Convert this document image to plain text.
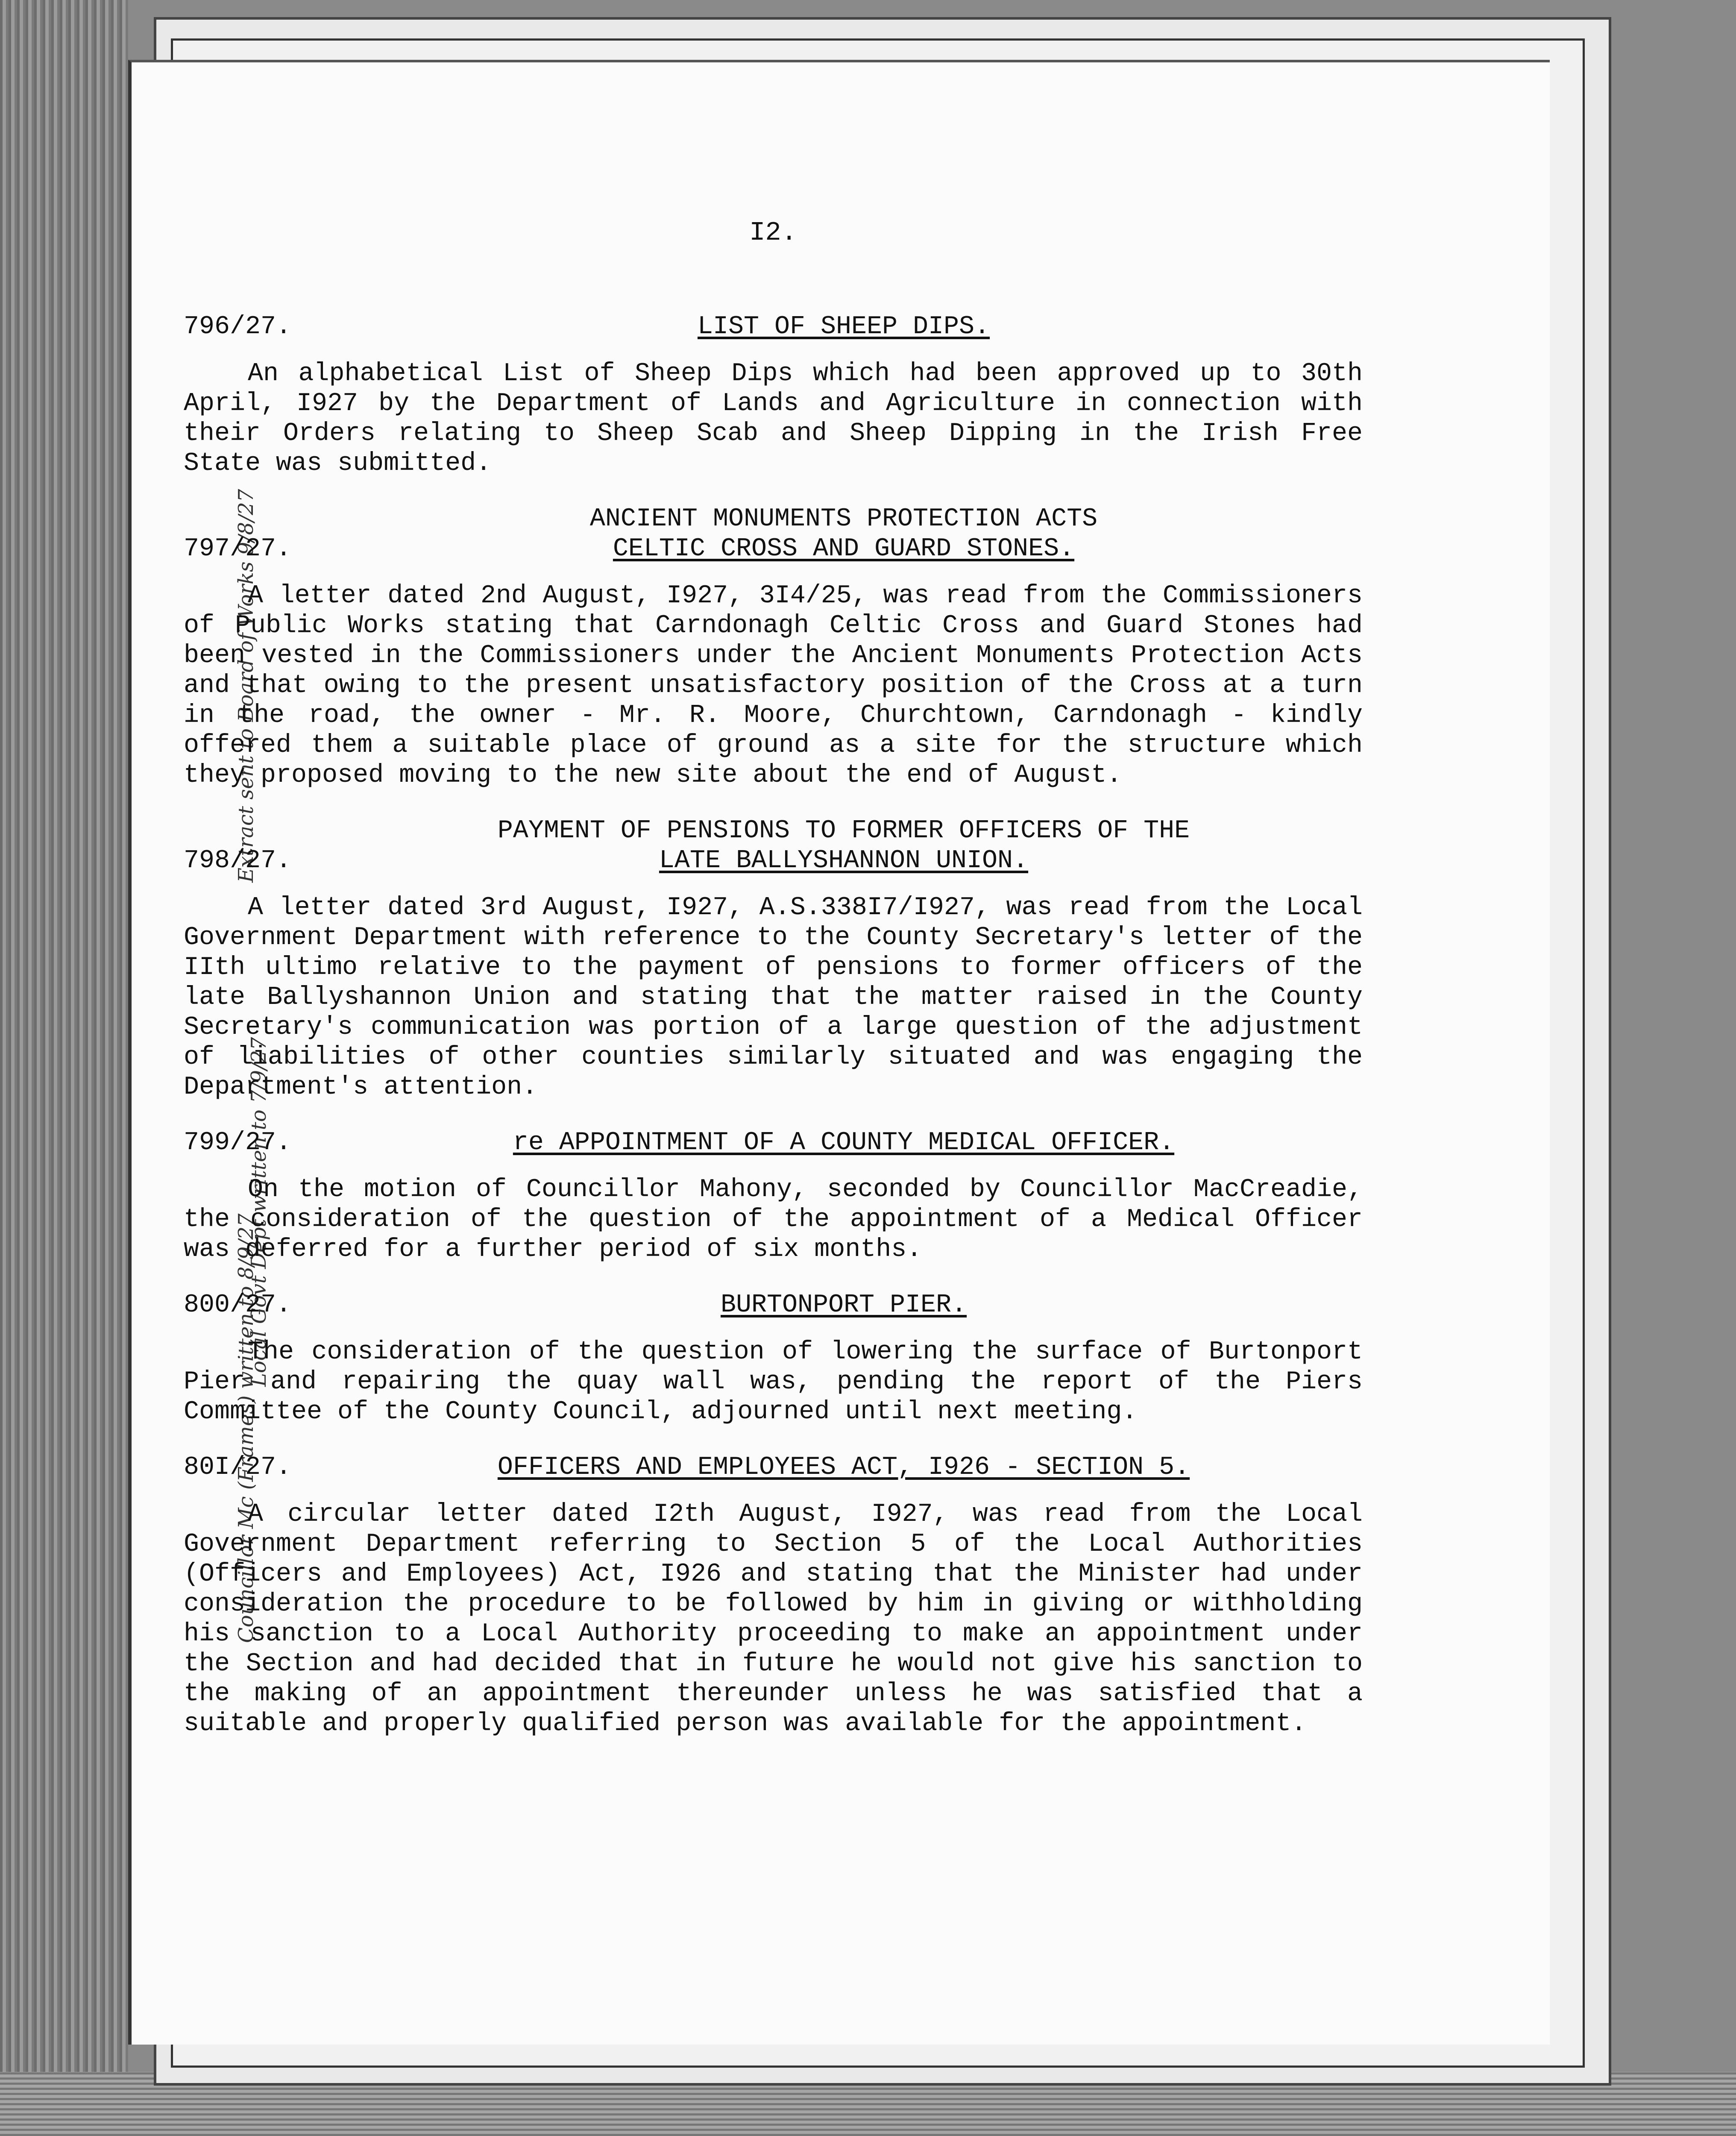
Extract sent to Board of Works 9/8/27
Local Govt Dept written to 7/9/27
Councillor Mc (Frames) written to 8/9/27
I2.
796/27.	LIST OF SHEEP DIPS.

An alphabetical List of Sheep Dips which had been approved up to 30th April, I927 by the Department of Lands and Agriculture in connection with their Orders relating to Sheep Scab and Sheep Dipping in the Irish Free State was submitted.

797/27.
ANCIENT MONUMENTS PROTECTION ACTS
CELTIC CROSS AND GUARD STONES.

A letter dated 2nd August, I927, 3I4/25, was read from the Commissioners of Public Works stating that Carndonagh Celtic Cross and Guard Stones had been vested in the Commissioners under the Ancient Monuments Protection Acts and that owing to the present unsatisfactory position of the Cross at a turn in the road, the owner - Mr. R. Moore, Churchtown, Carndonagh - kindly offered them a suitable place of ground as a site for the structure which they proposed moving to the new site about the end of August.

798/27.
PAYMENT OF PENSIONS TO FORMER OFFICERS OF THE
LATE BALLYSHANNON UNION.

A letter dated 3rd August, I927, A.S.338I7/I927, was read from the Local Government Department with reference to the County Secretary's letter of the IIth ultimo relative to the payment of pensions to former officers of the late Ballyshannon Union and stating that the matter raised in the County Secretary's communication was portion of a large question of the adjustment of liabilities of other counties similarly situated and was engaging the Department's attention.

799/27.	re APPOINTMENT OF A COUNTY MEDICAL OFFICER.

On the motion of Councillor Mahony, seconded by Councillor MacCreadie, the consideration of the question of the appointment of a Medical Officer was deferred for a further period of six months.

800/27.	BURTONPORT PIER.

The consideration of the question of lowering the surface of Burtonport Pier and repairing the quay wall was, pending the report of the Piers Committee of the County Council, adjourned until next meeting.

80I/27.	OFFICERS AND EMPLOYEES ACT, I926 - SECTION 5.

A circular letter dated I2th August, I927, was read from the Local Government Department referring to Section 5 of the Local Authorities (Officers and Employees) Act, I926 and stating that the Minister had under consideration the procedure to be followed by him in giving or withholding his sanction to a Local Authority proceeding to make an appointment under the Section and had decided that in future he would not give his sanction to the making of an appointment thereunder unless he was satisfied that a suitable and properly qualified person was available for the appointment.
